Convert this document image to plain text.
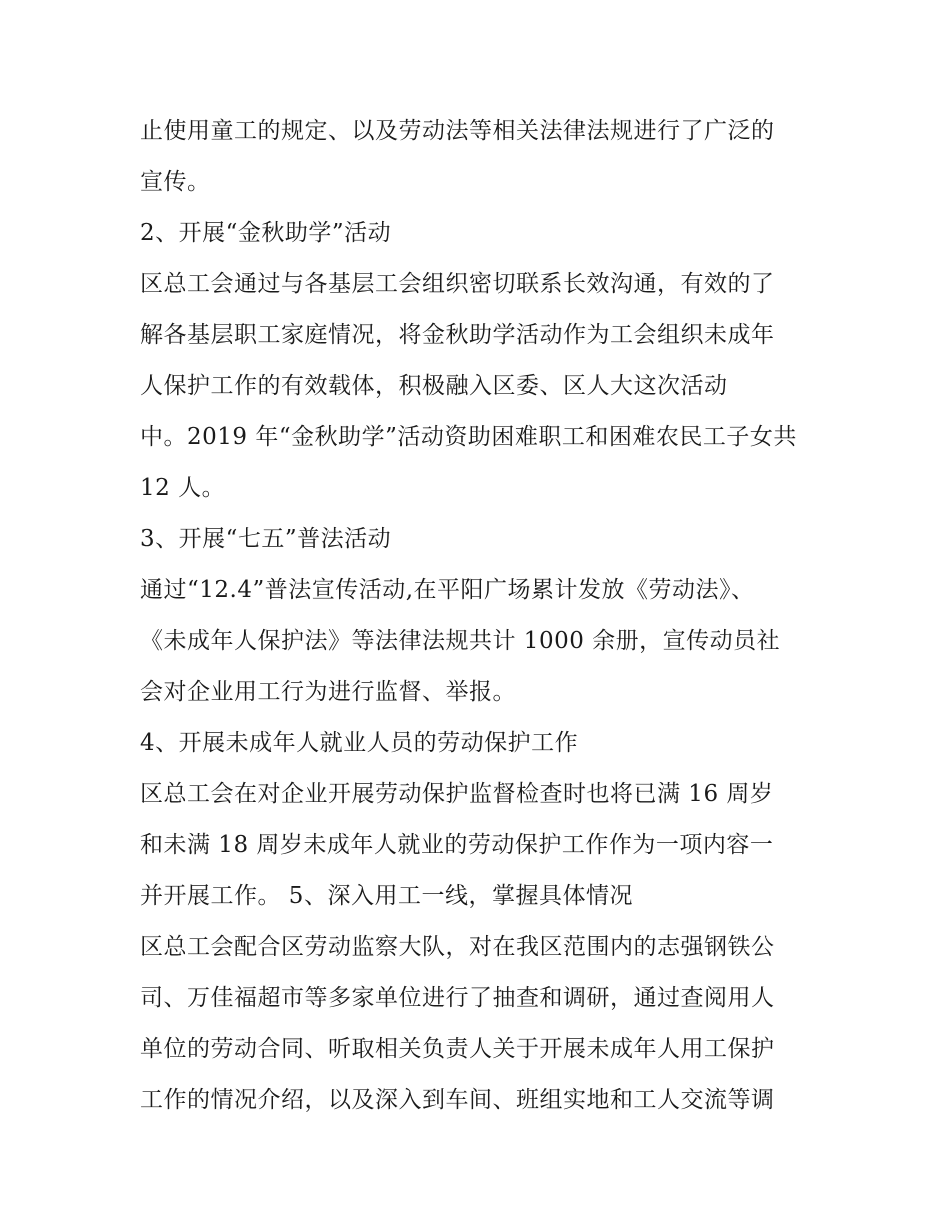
止使用童工的规定、以及劳动法等相关法律法规进行了广泛的
宣传。
2、开展“金秋助学”活动
区总工会通过与各基层工会组织密切联系长效沟通，有效的了
解各基层职工家庭情况，将金秋助学活动作为工会组织未成年
人保护工作的有效载体，积极融入区委、区人大这次活动
中。2019 年“金秋助学”活动资助困难职工和困难农民工子女共
12 人。
3、开展“七五”普法活动
通过“12.4”普法宣传活动,在平阳广场累计发放《劳动法》、
《未成年人保护法》等法律法规共计 1000 余册，宣传动员社
会对企业用工行为进行监督、举报。
4、开展未成年人就业人员的劳动保护工作
区总工会在对企业开展劳动保护监督检查时也将已满 16 周岁
和未满 18 周岁未成年人就业的劳动保护工作作为一项内容一
并开展工作。 5、深入用工一线，掌握具体情况
区总工会配合区劳动监察大队，对在我区范围内的志强钢铁公
司、万佳福超市等多家单位进行了抽查和调研，通过查阅用人
单位的劳动合同、听取相关负责人关于开展未成年人用工保护
工作的情况介绍，以及深入到车间、班组实地和工人交流等调
